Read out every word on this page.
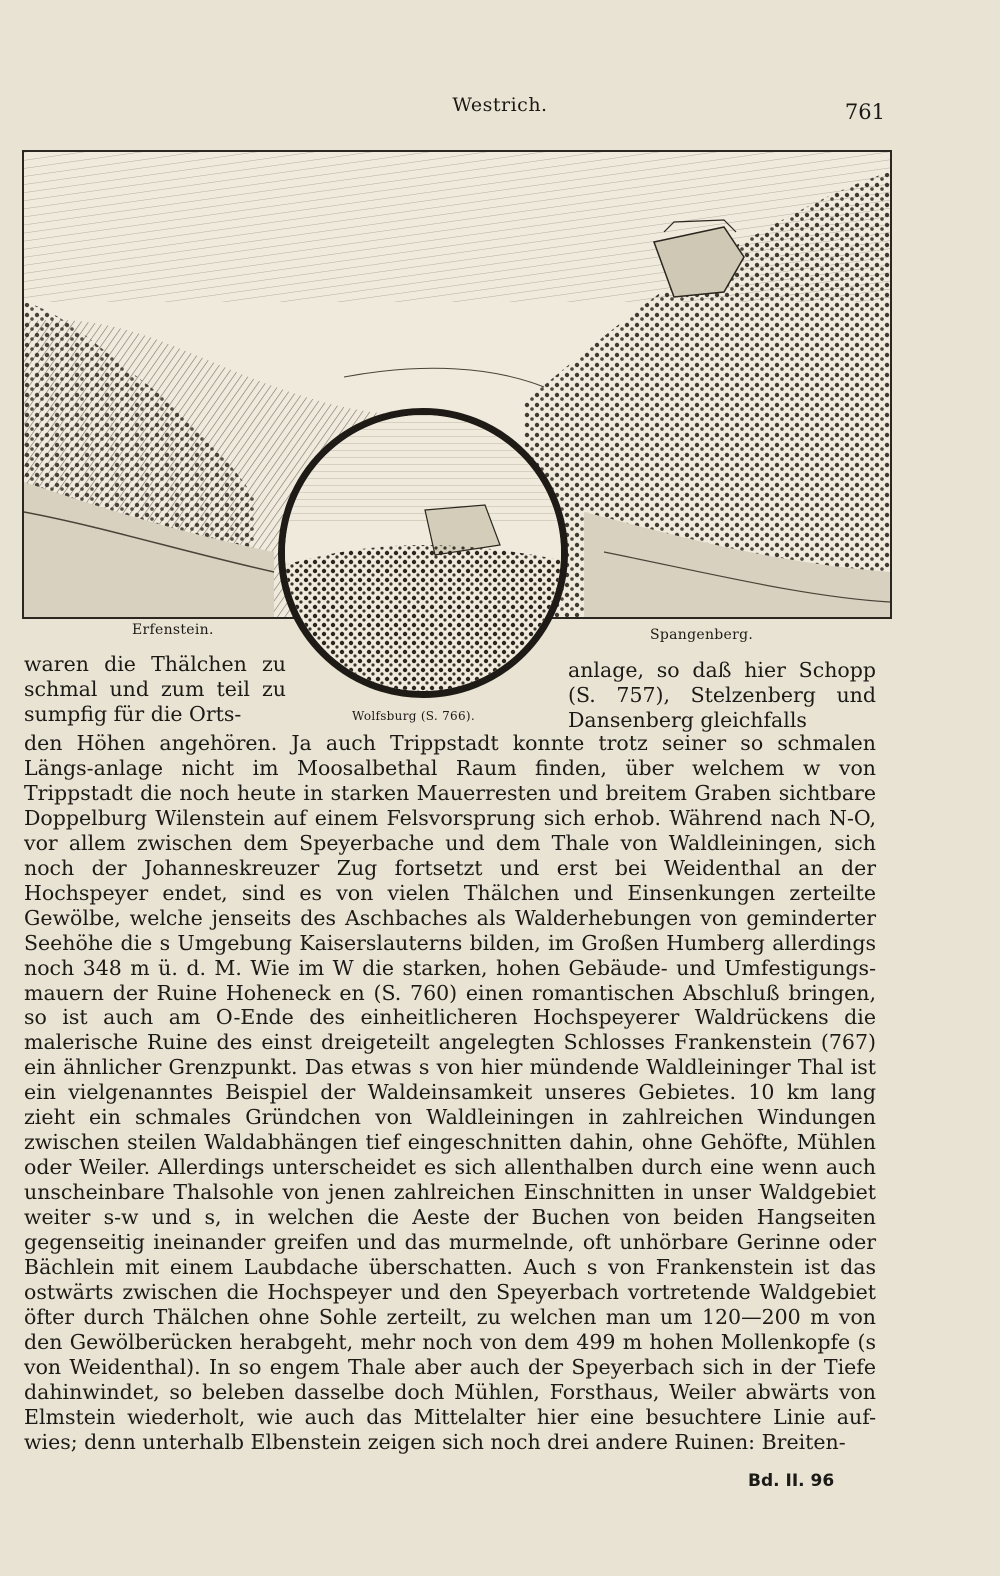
Westrich.	761
Erfenstein.	Spangenberg.
Wolfsburg (S. 766).
waren die Thälchen zu schmal und zum teil zu sumpfig für die Orts-
anlage, so daß hier Schopp (S. 757), Stelzenberg und Dansenberg gleichfalls

den Höhen angehören. Ja auch Trippstadt konnte trotz seiner so schmalen Längs-anlage nicht im Moosalbethal Raum finden, über welchem w von Trippstadt die noch heute in starken Mauerresten und breitem Graben sichtbare Doppelburg Wilenstein auf einem Felsvorsprung sich erhob. Während nach N-O, vor allem zwischen dem Speyerbache und dem Thale von Waldleiningen, sich noch der Johanneskreuzer Zug fortsetzt und erst bei Weidenthal an der Hochspeyer endet, sind es von vielen Thälchen und Einsenkungen zerteilte Gewölbe, welche jenseits des Aschbaches als Walderhebungen von geminderter Seehöhe die s Umgebung Kaiserslauterns bilden, im Großen Humberg allerdings noch 348 m ü. d. M. Wie im W die starken, hohen Gebäude- und Umfestigungs-mauern der Ruine Hoheneck en (S. 760) einen romantischen Abschluß bringen, so ist auch am O-Ende des einheitlicheren Hochspeyerer Waldrückens die malerische Ruine des einst dreigeteilt angelegten Schlosses Frankenstein (767) ein ähnlicher Grenzpunkt. Das etwas s von hier mündende Waldleininger Thal ist ein vielgenanntes Beispiel der Waldeinsamkeit unseres Gebietes. 10 km lang zieht ein schmales Gründchen von Waldleiningen in zahlreichen Windungen zwischen steilen Waldabhängen tief eingeschnitten dahin, ohne Gehöfte, Mühlen oder Weiler. Allerdings unterscheidet es sich allenthalben durch eine wenn auch unscheinbare Thalsohle von jenen zahlreichen Einschnitten in unser Waldgebiet weiter s-w und s, in welchen die Aeste der Buchen von beiden Hangseiten gegenseitig ineinander greifen und das murmelnde, oft unhörbare Gerinne oder Bächlein mit einem Laubdache überschatten. Auch s von Frankenstein ist das ostwärts zwischen die Hochspeyer und den Speyerbach vortretende Waldgebiet öfter durch Thälchen ohne Sohle zerteilt, zu welchen man um 120—200 m von den Gewölberücken herabgeht, mehr noch von dem 499 m hohen Mollenkopfe (s von Weidenthal). In so engem Thale aber auch der Speyerbach sich in der Tiefe dahinwindet, so beleben dasselbe doch Mühlen, Forsthaus, Weiler abwärts von Elmstein wiederholt, wie auch das Mittelalter hier eine besuchtere Linie auf-wies; denn unterhalb Elbenstein zeigen sich noch drei andere Ruinen: Breiten-

Bd. II. 96
